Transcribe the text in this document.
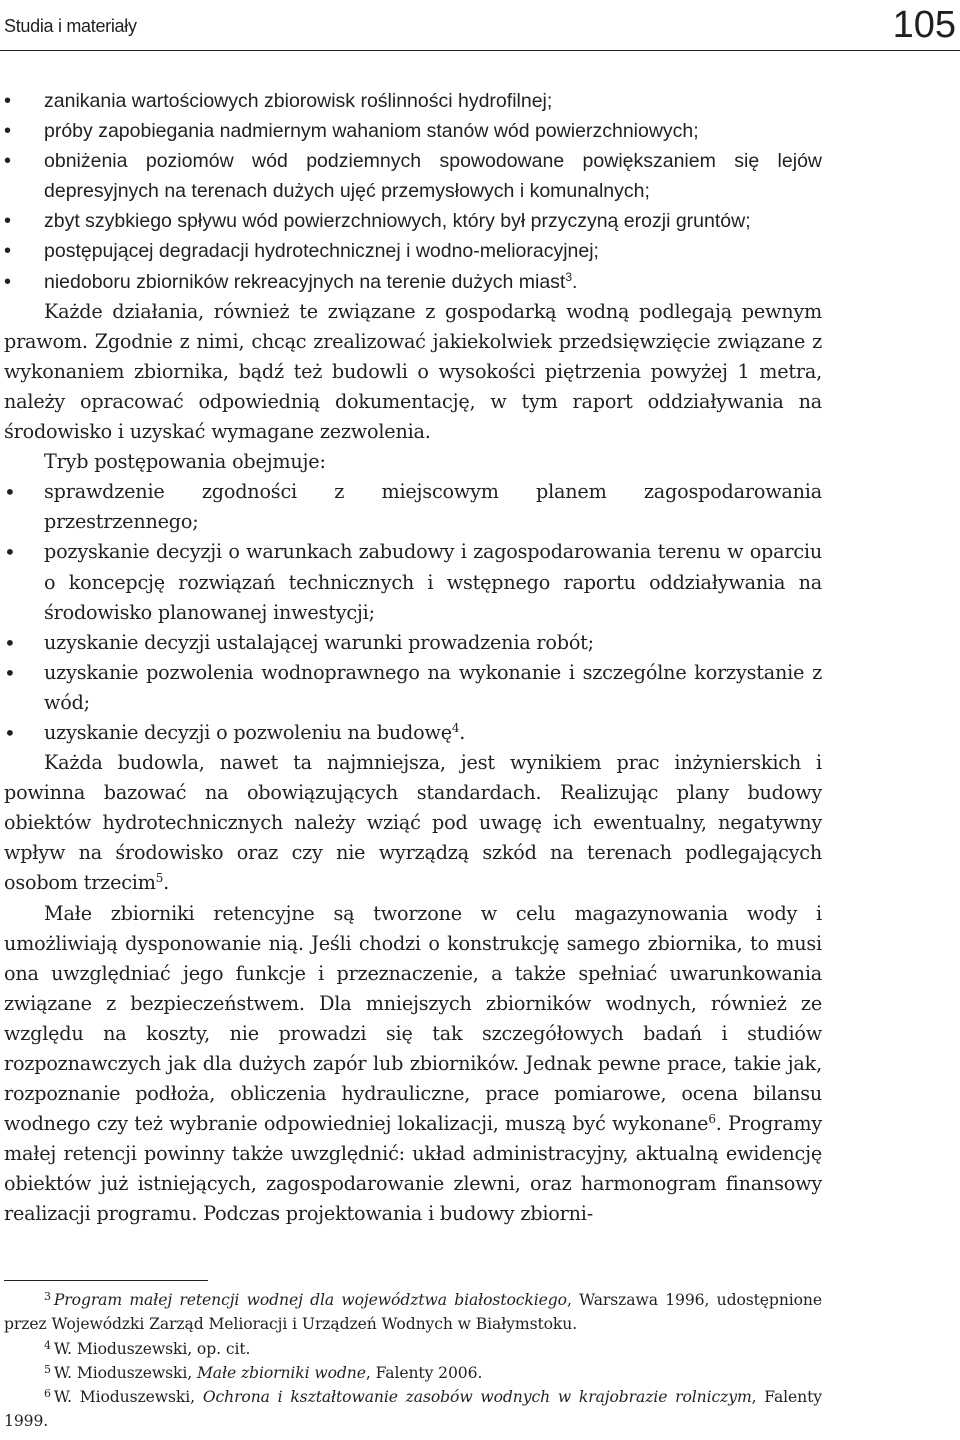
Studia i materiały	105
• zanikania wartościowych zbiorowisk roślinności hydrofilnej;
• próby zapobiegania nadmiernym wahaniom stanów wód powierzchniowych;
• obniżenia poziomów wód podziemnych spowodowane powiększaniem się lejów depresyjnych na terenach dużych ujęć przemysłowych i komunalnych;
• zbyt szybkiego spływu wód powierzchniowych, który był przyczyną erozji gruntów;
• postępującej degradacji hydrotechnicznej i wodno-melioracyjnej;
• niedoboru zbiorników rekreacyjnych na terenie dużych miast$^3$.

Każde działania, również te związane z gospodarką wodną podlegają pewnym prawom. Zgodnie z nimi, chcąc zrealizować jakiekolwiek przedsięwzięcie związane z wykonaniem zbiornika, bądź też budowli o wysokości piętrzenia powyżej 1 metra, należy opracować odpowiednią dokumentację, w tym raport oddziaływania na środowisko i uzyskać wymagane zezwolenia.

Tryb postępowania obejmuje:

• sprawdzenie zgodności z miejscowym planem zagospodarowania przestrzennego;
• pozyskanie decyzji o warunkach zabudowy i zagospodarowania terenu w oparciu o koncepcję rozwiązań technicznych i wstępnego raportu oddziaływania na środowisko planowanej inwestycji;
• uzyskanie decyzji ustalającej warunki prowadzenia robót;
• uzyskanie pozwolenia wodnoprawnego na wykonanie i szczególne korzystanie z wód;
• uzyskanie decyzji o pozwoleniu na budowę$^4$.

Każda budowla, nawet ta najmniejsza, jest wynikiem prac inżynierskich i powinna bazować na obowiązujących standardach. Realizując plany budowy obiektów hydrotechnicznych należy wziąć pod uwagę ich ewentualny, negatywny wpływ na środowisko oraz czy nie wyrządzą szkód na terenach podlegających osobom trzecim$^5$.

Małe zbiorniki retencyjne są tworzone w celu magazynowania wody i umożliwiają dysponowanie nią. Jeśli chodzi o konstrukcję samego zbiornika, to musi ona uwzględniać jego funkcje i przeznaczenie, a także spełniać uwarunkowania związane z bezpieczeństwem. Dla mniejszych zbiorników wodnych, również ze względu na koszty, nie prowadzi się tak szczegółowych badań i studiów rozpoznawczych jak dla dużych zapór lub zbiorników. Jednak pewne prace, takie jak, rozpoznanie podłoża, obliczenia hydrauliczne, prace pomiarowe, ocena bilansu wodnego czy też wybranie odpowiedniej lokalizacji, muszą być wykonane$^6$. Programy małej retencji powinny także uwzględnić: układ administracyjny, aktualną ewidencję obiektów już istniejących, zagospodarowanie zlewni, oraz harmonogram finansowy realizacji programu. Podczas projektowania i budowy zbiorni-

$^3$ Program małej retencji wodnej dla województwa białostockiego, Warszawa 1996, udostępnione przez Wojewódzki Zarząd Melioracji i Urządzeń Wodnych w Białymstoku.

$^4$ W. Mioduszewski, op. cit.

$^5$ W. Mioduszewski, Małe zbiorniki wodne, Falenty 2006.

$^6$ W. Mioduszewski, Ochrona i kształtowanie zasobów wodnych w krajobrazie rolniczym, Falenty 1999.
